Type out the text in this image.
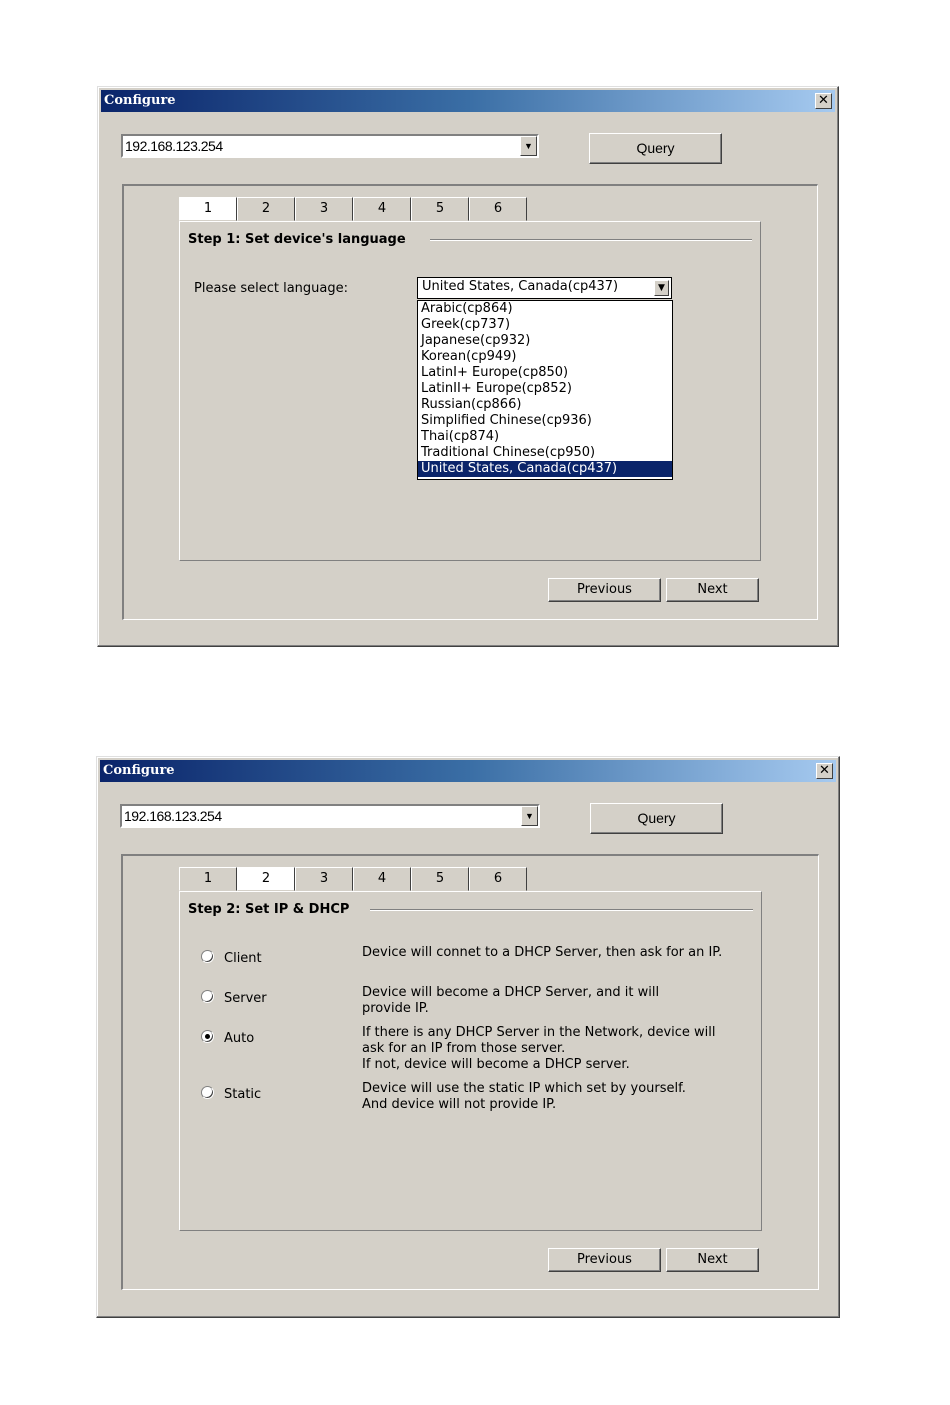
Configure	✕
192.168.123.254	▼	Query
1	2	3	4	5	6
Step 1: Set device's language
Please select language:	United States, Canada(cp437)	▼
Arabic(cp864)
Greek(cp737)
Japanese(cp932)
Korean(cp949)
LatinI+ Europe(cp850)
LatinII+ Europe(cp852)
Russian(cp866)
Simplified Chinese(cp936)
Thai(cp874)
Traditional Chinese(cp950)
United States, Canada(cp437)
Previous	Next
Configure	✕
192.168.123.254	▼	Query
1	2	3	4	5	6
Step 2: Set IP & DHCP
Client	Device will connet to a DHCP Server, then ask for an IP.
Server	Device will become a DHCP Server, and it will provide IP.
Auto	If there is any DHCP Server in the Network, device will ask for an IP from those server.
If not, device will become a DHCP server.
Static	Device will use the static IP which set by yourself.
And device will not provide IP.
Previous	Next
